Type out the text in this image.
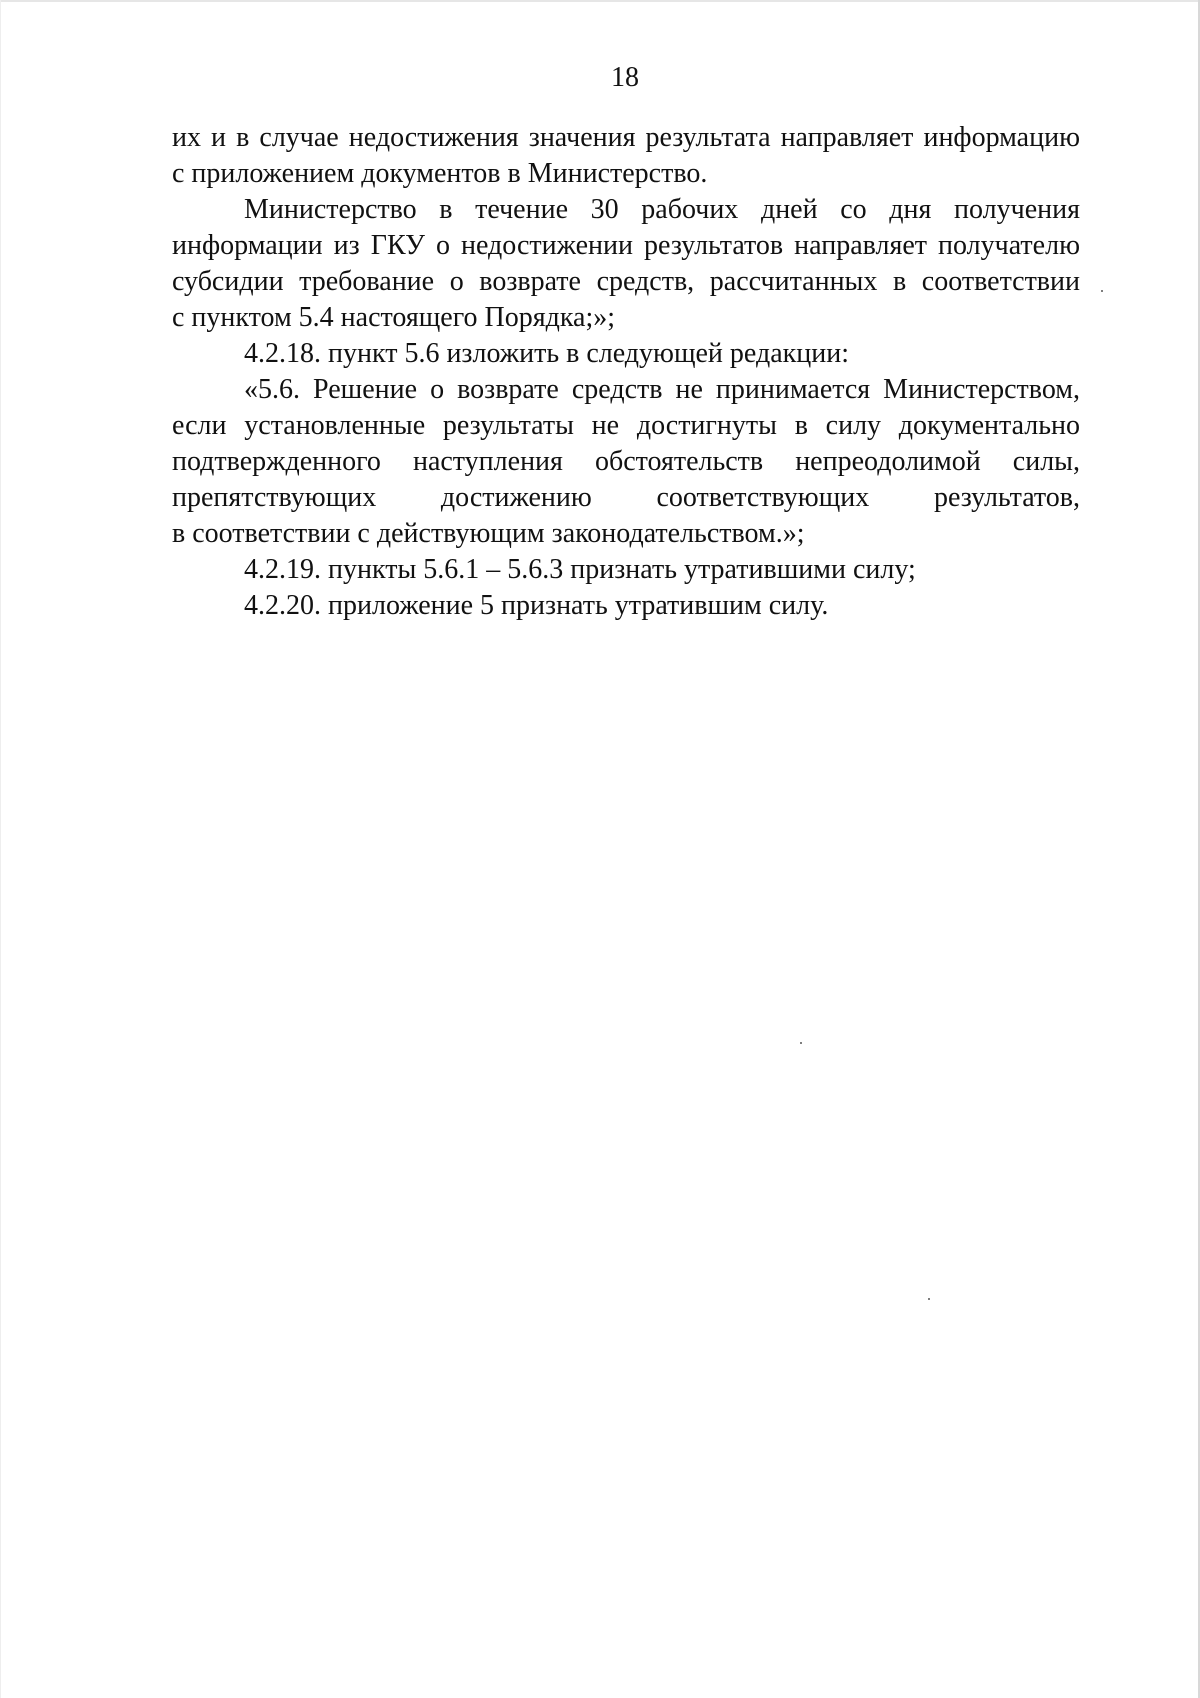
18

их и в случае недостижения значения результата направляет информацию
с приложением документов в Министерство.

Министерство в течение 30 рабочих дней со дня получения
информации из ГКУ о недостижении результатов направляет получателю
субсидии требование о возврате средств, рассчитанных в соответствии
с пунктом 5.4 настоящего Порядка;»;

4.2.18. пункт 5.6 изложить в следующей редакции:

«5.6. Решение о возврате средств не принимается Министерством,
если установленные результаты не достигнуты в силу документально
подтвержденного наступления обстоятельств непреодолимой силы,
препятствующих достижению соответствующих результатов,
в соответствии с действующим законодательством.»;

4.2.19. пункты 5.6.1 – 5.6.3 признать утратившими силу;

4.2.20. приложение 5 признать утратившим силу.
